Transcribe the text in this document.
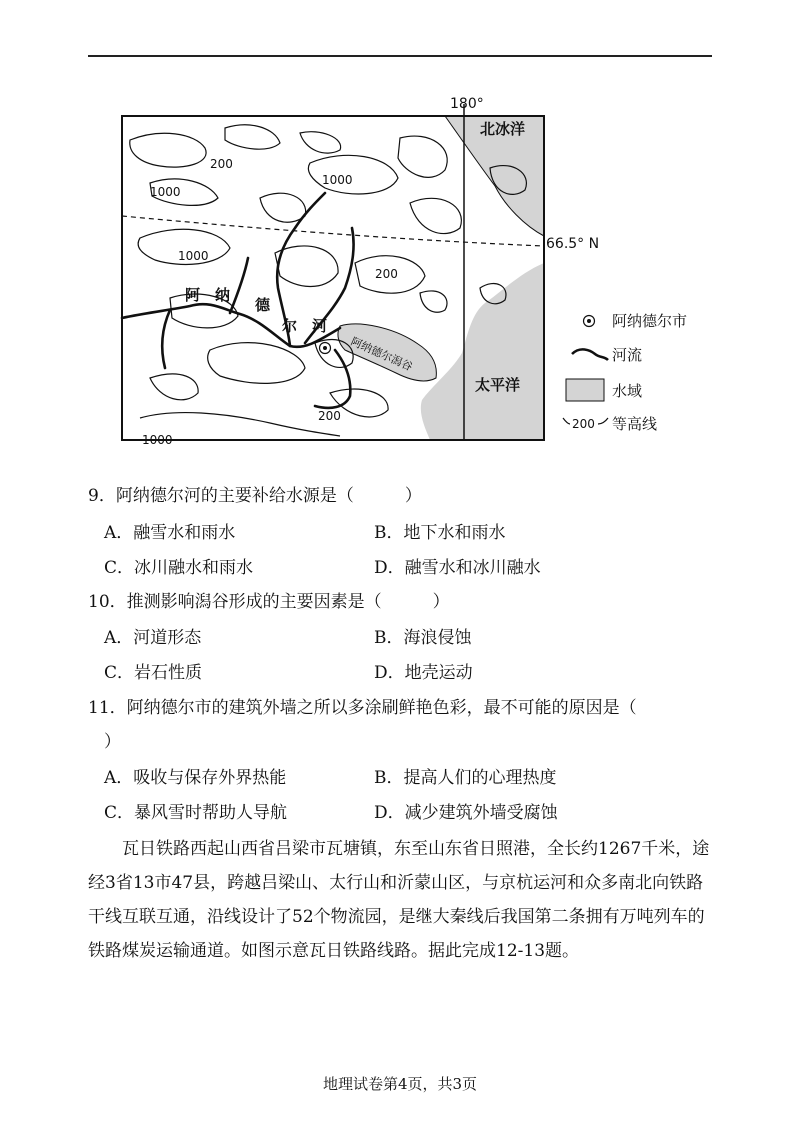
180°
北冰洋
66.5° N
太平洋
阿 纳
德
尔 河
阿纳德尔潟谷
200
1000
1000
1000
200
200
1000
阿纳德尔市
河流
水域
200 等高线
9．阿纳德尔河的主要补给水源是（　　　）
A．融雪水和雨水	B．地下水和雨水
C．冰川融水和雨水	D．融雪水和冰川融水
10．推测影响潟谷形成的主要因素是（　　　）
A．河道形态	B．海浪侵蚀
C．岩石性质	D．地壳运动
11．阿纳德尔市的建筑外墙之所以多涂刷鲜艳色彩，最不可能的原因是（
）
A．吸收与保存外界热能	B．提高人们的心理热度
C．暴风雪时帮助人导航	D．减少建筑外墙受腐蚀
瓦日铁路西起山西省吕梁市瓦塘镇，东至山东省日照港，全长约1267千米，途经3省13市47县，跨越吕梁山、太行山和沂蒙山区，与京杭运河和众多南北向铁路干线互联互通，沿线设计了52个物流园，是继大秦线后我国第二条拥有万吨列车的铁路煤炭运输通道。如图示意瓦日铁路线路。据此完成12-13题。
地理试卷第4页，共3页
